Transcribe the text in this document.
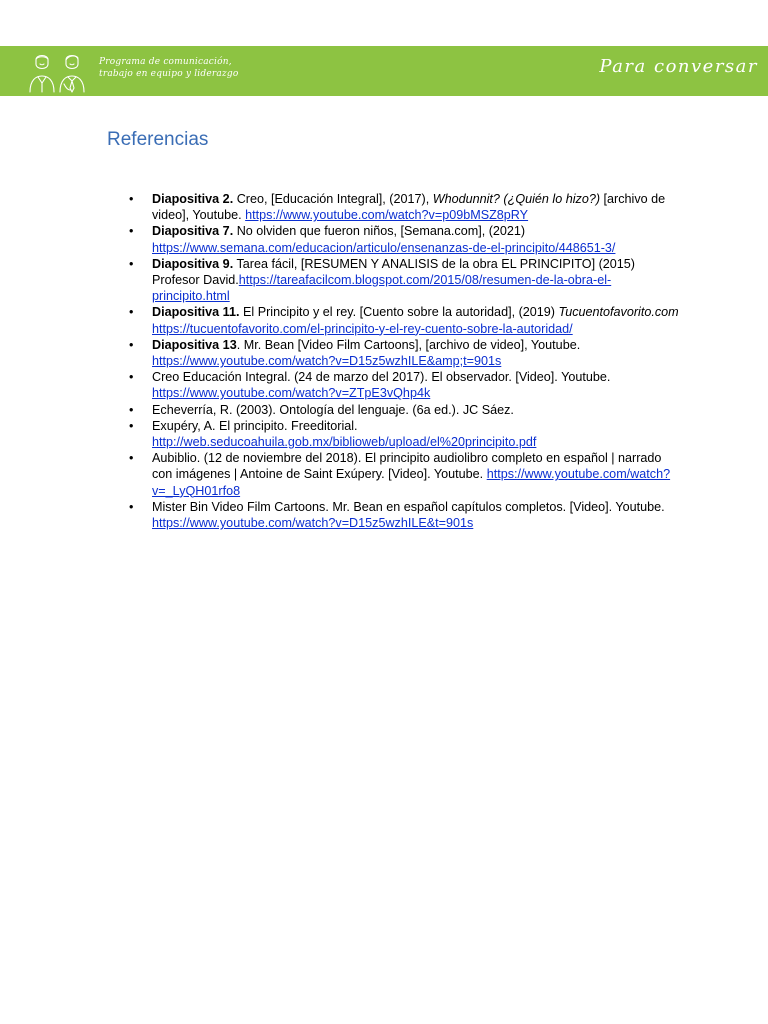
Programa de comunicación,
trabajo en equipo y liderazgo	Para conversar
Referencias
• Diapositiva 2. Creo, [Educación Integral], (2017), Whodunnit? (¿Quién lo hizo?) [archivo de video], Youtube. https://www.youtube.com/watch?v=p09bMSZ8pRY
• Diapositiva 7. No olviden que fueron niños, [Semana.com], (2021) https://www.semana.com/educacion/articulo/ensenanzas-de-el-principito/448651-3/
• Diapositiva 9. Tarea fácil, [RESUMEN Y ANALISIS de la obra EL PRINCIPITO] (2015) Profesor David.https://tareafacilcom.blogspot.com/2015/08/resumen-de-la-obra-el-principito.html
• Diapositiva 11. El Principito y el rey. [Cuento sobre la autoridad], (2019) Tucuentofavorito.com https://tucuentofavorito.com/el-principito-y-el-rey-cuento-sobre-la-autoridad/
• Diapositiva 13. Mr. Bean [Video Film Cartoons], [archivo de video], Youtube. https://www.youtube.com/watch?v=D15z5wzhILE&amp;t=901s
• Creo Educación Integral. (24 de marzo del 2017). El observador. [Video]. Youtube. https://www.youtube.com/watch?v=ZTpE3vQhp4k
• Echeverría, R. (2003). Ontología del lenguaje. (6a ed.). JC Sáez.
• Exupéry, A. El principito. Freeditorial. http://web.seducoahuila.gob.mx/biblioweb/upload/el%20principito.pdf
• Aubiblio. (12 de noviembre del 2018). El principito audiolibro completo en español | narrado con imágenes | Antoine de Saint Exúpery. [Video]. Youtube. https://www.youtube.com/watch?v=_LyQH01rfo8
• Mister Bin Video Film Cartoons. Mr. Bean en español capítulos completos. [Video]. Youtube. https://www.youtube.com/watch?v=D15z5wzhILE&t=901s
